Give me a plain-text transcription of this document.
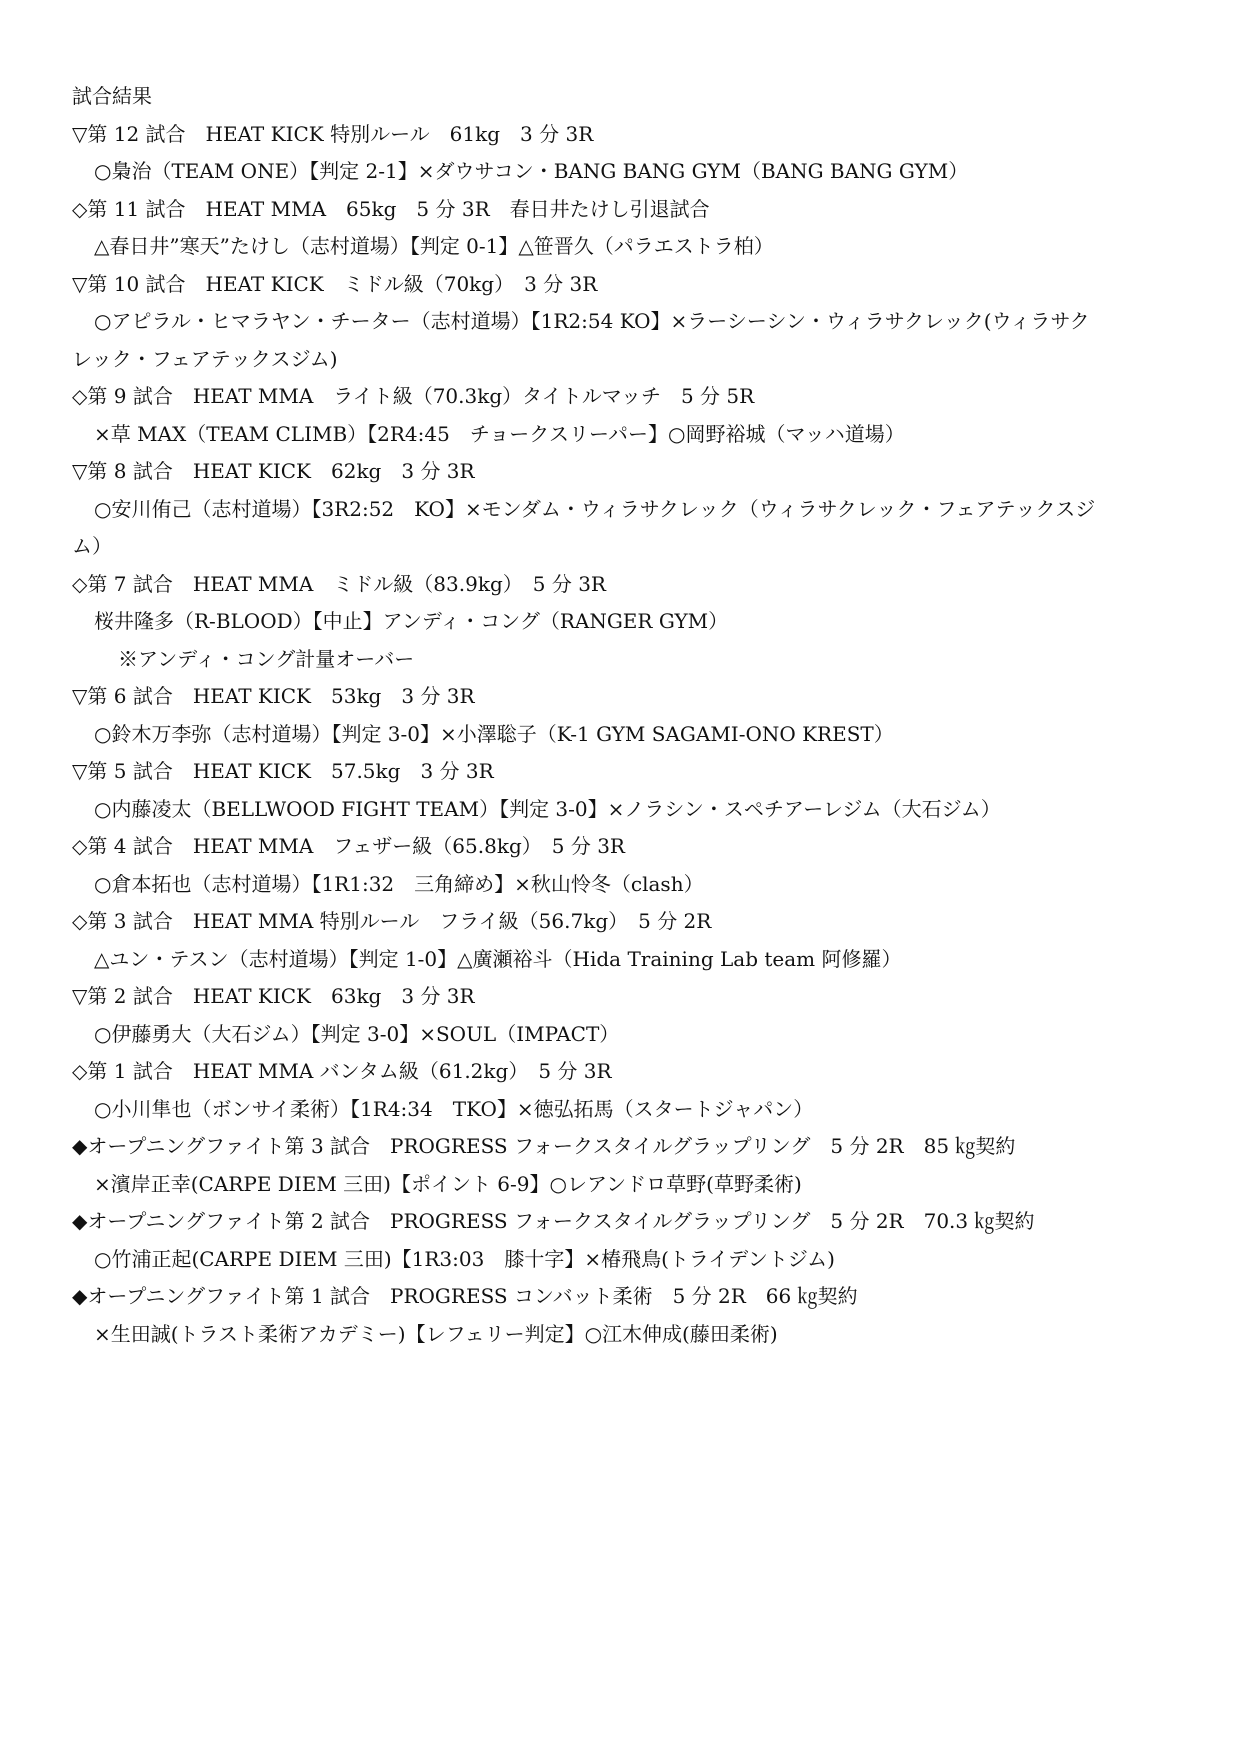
試合結果
▽第 12 試合　HEAT KICK 特別ルール　61kg　3 分 3R
○梟治（TEAM ONE）【判定 2-1】×ダウサコン・BANG BANG GYM（BANG BANG GYM）
◇第 11 試合　HEAT MMA　65kg　5 分 3R　春日井たけし引退試合
△春日井”寒天”たけし（志村道場）【判定 0-1】△笹晋久（パラエストラ柏）
▽第 10 試合　HEAT KICK　ミドル級（70kg）　3 分 3R
○アピラル・ヒマラヤン・チーター（志村道場）【1R2:54 KO】×ラーシーシン・ウィラサクレック(ウィラサク
レック・フェアテックスジム)
◇第 9 試合　HEAT MMA　ライト級（70.3kg）タイトルマッチ　5 分 5R
×草 MAX（TEAM CLIMB）【2R4:45　チョークスリーパー】○岡野裕城（マッハ道場）
▽第 8 試合　HEAT KICK　62kg　3 分 3R
○安川侑己（志村道場）【3R2:52　KO】×モンダム・ウィラサクレック（ウィラサクレック・フェアテックスジ
ム）
◇第 7 試合　HEAT MMA　ミドル級（83.9kg）　5 分 3R
桜井隆多（R-BLOOD）【中止】アンディ・コング（RANGER GYM）
※アンディ・コング計量オーバー
▽第 6 試合　HEAT KICK　53kg　3 分 3R
○鈴木万李弥（志村道場）【判定 3-0】×小澤聡子（K-1 GYM SAGAMI-ONO KREST）
▽第 5 試合　HEAT KICK　57.5kg　3 分 3R
○内藤凌太（BELLWOOD FIGHT TEAM）【判定 3-0】×ノラシン・スペチアーレジム（大石ジム）
◇第 4 試合　HEAT MMA　フェザー級（65.8kg）　5 分 3R
○倉本拓也（志村道場）【1R1:32　三角締め】×秋山怜冬（clash）
◇第 3 試合　HEAT MMA 特別ルール　フライ級（56.7kg）　5 分 2R
△ユン・テスン（志村道場）【判定 1-0】△廣瀬裕斗（Hida Training Lab team 阿修羅）
▽第 2 試合　HEAT KICK　63kg　3 分 3R
○伊藤勇大（大石ジム）【判定 3-0】×SOUL（IMPACT）
◇第 1 試合　HEAT MMA バンタム級（61.2kg）　5 分 3R
○小川隼也（ボンサイ柔術）【1R4:34　TKO】×徳弘拓馬（スタートジャパン）
◆オープニングファイト第 3 試合　PROGRESS フォークスタイルグラップリング　5 分 2R　85 ㎏契約
×濱岸正幸(CARPE DIEM 三田)【ポイント 6-9】○レアンドロ草野(草野柔術)
◆オープニングファイト第 2 試合　PROGRESS フォークスタイルグラップリング　5 分 2R　70.3 ㎏契約
○竹浦正起(CARPE DIEM 三田)【1R3:03　膝十字】×椿飛鳥(トライデントジム)
◆オープニングファイト第 1 試合　PROGRESS コンバット柔術　5 分 2R　66 ㎏契約
×生田誠(トラスト柔術アカデミー)【レフェリー判定】○江木伸成(藤田柔術)
